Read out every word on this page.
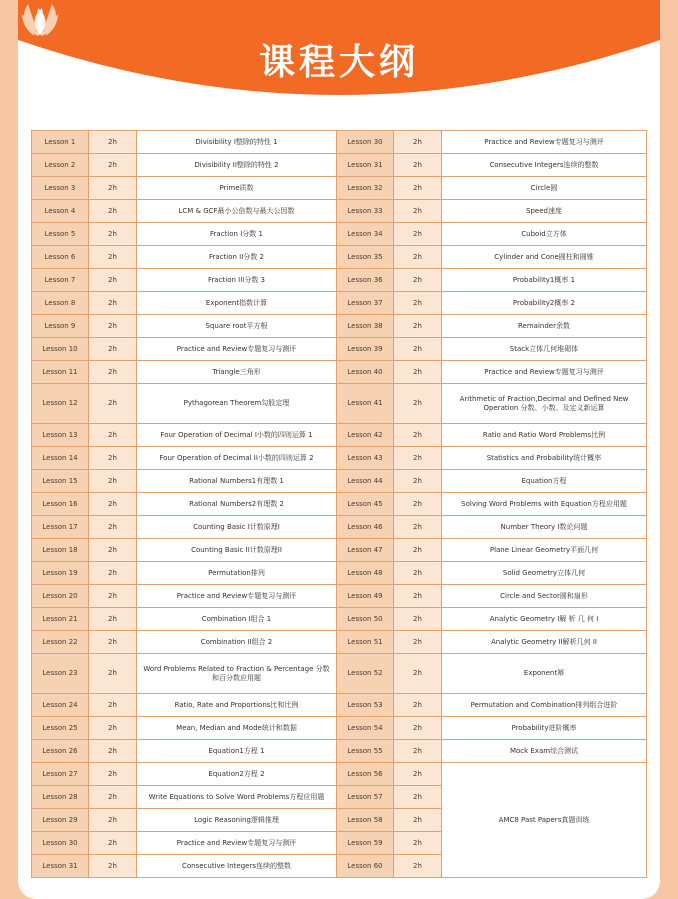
课程大纲
Lesson 1	2h	Divisibility I整除的特性 1	Lesson 30	2h	Practice and Review专题复习与测评
Lesson 2	2h	Divisibility II整除的特性 2	Lesson 31	2h	Consecutive Integers连续的整数
Lesson 3	2h	Prime质数	Lesson 32	2h	Circle圆
Lesson 4	2h	LCM & GCF最小公倍数与最大公因数	Lesson 33	2h	Speed速度
Lesson 5	2h	Fraction I分数 1	Lesson 34	2h	Cuboid立方体
Lesson 6	2h	Fraction II分数 2	Lesson 35	2h	Cylinder and Cone圆柱和圆锥
Lesson 7	2h	Fraction III分数 3	Lesson 36	2h	Probability1概率 1
Lesson 8	2h	Exponent指数计算	Lesson 37	2h	Probability2概率 2
Lesson 9	2h	Square root平方根	Lesson 38	2h	Remainder余数
Lesson 10	2h	Practice and Review专题复习与测评	Lesson 39	2h	Stack立体几何堆砌体
Lesson 11	2h	Triangle三角形	Lesson 40	2h	Practice and Review专题复习与测评
Lesson 12	2h	Pythagorean Theorem勾股定理	Lesson 41	2h	Arithmetic of Fraction,Decimal and Defined New Operation 分数、小数、及定义新运算
Lesson 13	2h	Four Operation of Decimal I小数的四则运算 1	Lesson 42	2h	Ratio and Ratio Word Problems比例
Lesson 14	2h	Four Operation of Decimal II小数的四则运算 2	Lesson 43	2h	Statistics and Probability统计概率
Lesson 15	2h	Rational Numbers1有理数 1	Lesson 44	2h	Equation方程
Lesson 16	2h	Rational Numbers2有理数 2	Lesson 45	2h	Solving Word Problems with Equation方程应用题
Lesson 17	2h	Counting Basic I计数原理I	Lesson 46	2h	Number Theory I数论问题
Lesson 18	2h	Counting Basic II计数原理II	Lesson 47	2h	Plane Linear Geometry平面几何
Lesson 19	2h	Permutation排列	Lesson 48	2h	Solid Geometry立体几何
Lesson 20	2h	Practice and Review专题复习与测评	Lesson 49	2h	Circle and Sector圆和扇形
Lesson 21	2h	Combination I组合 1	Lesson 50	2h	Analytic Geometry I解 析 几 何 I
Lesson 22	2h	Combination II组合 2	Lesson 51	2h	Analytic Geometry II解析几何 II
Lesson 23	2h	Word Problems Related to Fraction & Percentage 分数和百分数应用题	Lesson 52	2h	Exponent幂
Lesson 24	2h	Ratio, Rate and Proportions比和比例	Lesson 53	2h	Permutation and Combination排列组合进阶
Lesson 25	2h	Mean, Median and Mode统计和数据	Lesson 54	2h	Probability进阶概率
Lesson 26	2h	Equation1方程 1	Lesson 55	2h	Mock Exam综合测试
Lesson 27	2h	Equation2方程 2	Lesson 56	2h	AMC8 Past Papers真题训练
Lesson 28	2h	Write Equations to Solve Word Problems方程应用题	Lesson 57	2h	
Lesson 29	2h	Logic Reasoning逻辑推理	Lesson 58	2h	
Lesson 30	2h	Practice and Review专题复习与测评	Lesson 59	2h	
Lesson 31	2h	Consecutive Integers连续的整数	Lesson 60	2h	
